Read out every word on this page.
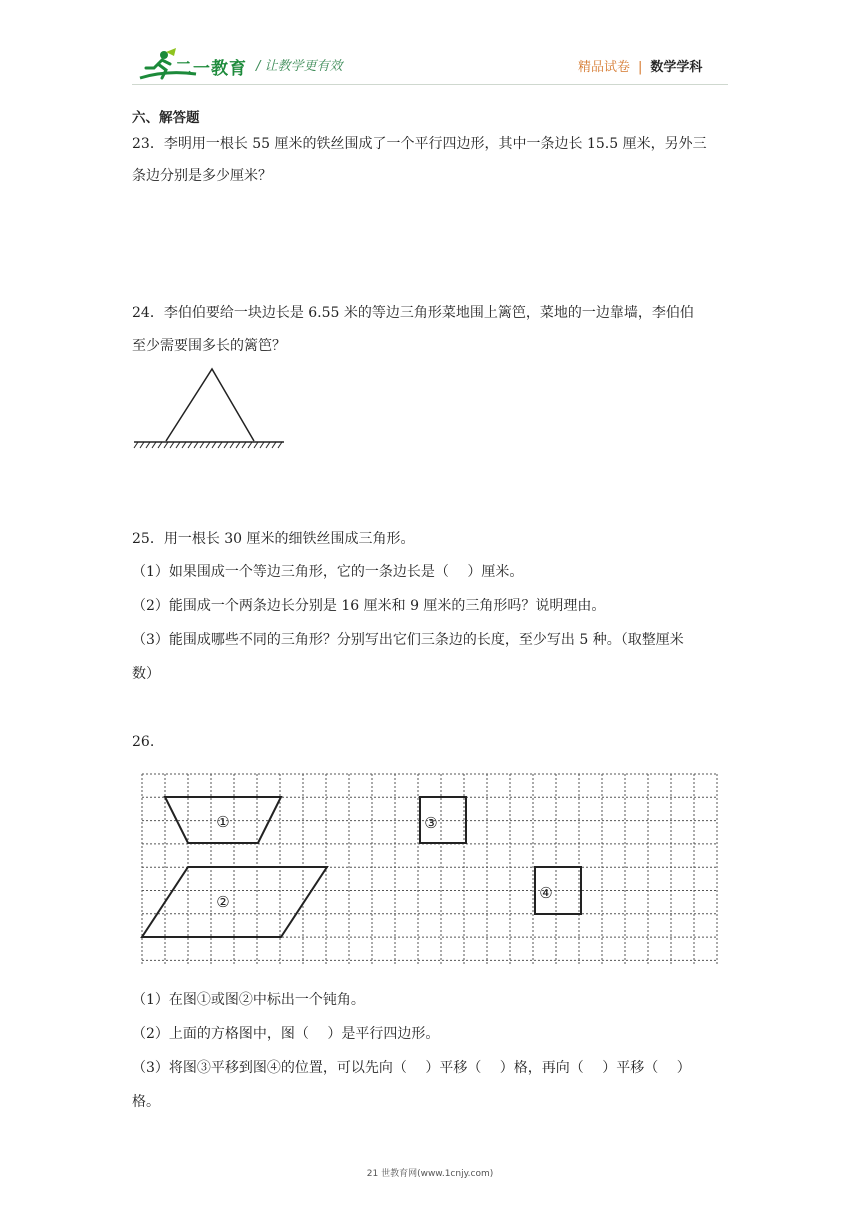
二一教育 / 让教学更有效	精品试卷 | 数学学科
六、解答题
23．李明用一根长 55 厘米的铁丝围成了一个平行四边形，其中一条边长 15.5 厘米，另外三
条边分别是多少厘米？
24．李伯伯要给一块边长是 6.55 米的等边三角形菜地围上篱笆，菜地的一边靠墙，李伯伯
至少需要围多长的篱笆？
25．用一根长 30 厘米的细铁丝围成三角形。
（1）如果围成一个等边三角形，它的一条边长是（　 ）厘米。
（2）能围成一个两条边长分别是 16 厘米和 9 厘米的三角形吗？说明理由。
（3）能围成哪些不同的三角形？分别写出它们三条边的长度，至少写出 5 种。（取整厘米
数）
26.
①
②
③
④
（1）在图①或图②中标出一个钝角。
（2）上面的方格图中，图（　 ）是平行四边形。
（3）将图③平移到图④的位置，可以先向（　 ）平移（　 ）格，再向（　 ）平移（　 ）
格。
21 世教育网(www.1cnjy.com)
